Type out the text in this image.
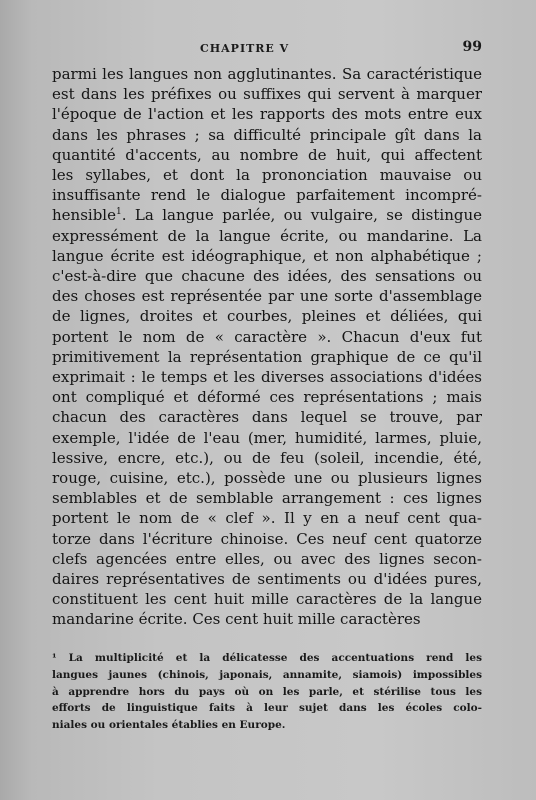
CHAPITRE V	99
parmi les langues non agglutinantes. Sa caractéristique
est dans les préfixes ou suffixes qui servent à marquer
l'époque de l'action et les rapports des mots entre eux
dans les phrases ; sa difficulté principale gît dans la
quantité d'accents, au nombre de huit, qui affectent
les syllabes, et dont la prononciation mauvaise ou
insuffisante rend le dialogue parfaitement incompré-
hensible$^1$. La langue parlée, ou vulgaire, se distingue
expressément de la langue écrite, ou mandarine. La
langue écrite est idéographique, et non alphabétique ;
c'est-à-dire que chacune des idées, des sensations ou
des choses est représentée par une sorte d'assemblage
de lignes, droites et courbes, pleines et déliées, qui
portent le nom de « caractère ». Chacun d'eux fut
primitivement la représentation graphique de ce qu'il
exprimait : le temps et les diverses associations d'idées
ont compliqué et déformé ces représentations ; mais
chacun des caractères dans lequel se trouve, par
exemple, l'idée de l'eau (mer, humidité, larmes, pluie,
lessive, encre, etc.), ou de feu (soleil, incendie, été,
rouge, cuisine, etc.), possède une ou plusieurs lignes
semblables et de semblable arrangement : ces lignes
portent le nom de « clef ». Il y en a neuf cent qua-
torze dans l'écriture chinoise. Ces neuf cent quatorze
clefs agencées entre elles, ou avec des lignes secon-
daires représentatives de sentiments ou d'idées pures,
constituent les cent huit mille caractères de la langue
mandarine écrite. Ces cent huit mille caractères
¹ La multiplicité et la délicatesse des accentuations rend les
langues jaunes (chinois, japonais, annamite, siamois) impossibles
à apprendre hors du pays où on les parle, et stérilise tous les
efforts de linguistique faits à leur sujet dans les écoles colo-
niales ou orientales établies en Europe.
